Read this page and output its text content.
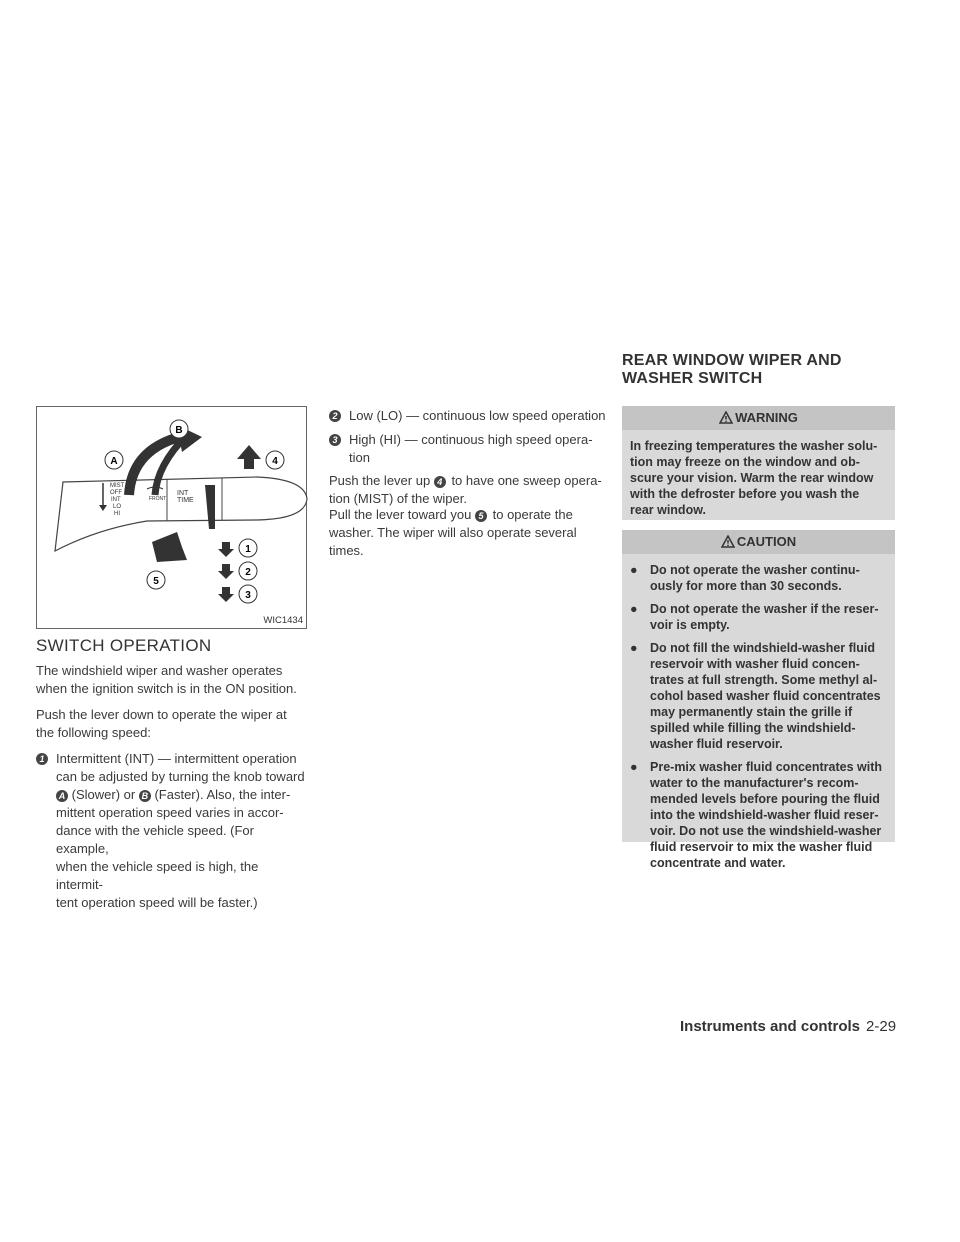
A
B
1
2
3
4
5
MIST
OFF
INT
LO
HI
FRONT
INT
TIME
WIC1434
SWITCH OPERATION

The windshield wiper and washer operates when the ignition switch is in the ON position.

Push the lever down to operate the wiper at the following speed:

1 Intermittent (INT) — intermittent operation
can be adjusted by turning the knob toward
A (Slower) or B (Faster). Also, the inter-
mittent operation speed varies in accor-
dance with the vehicle speed. (For example,
when the vehicle speed is high, the intermit-
tent operation speed will be faster.)
2 Low (LO) — continuous low speed operation
3 High (HI) — continuous high speed opera-
tion
Push the lever up 4 to have one sweep opera-
tion (MIST) of the wiper.
Pull the lever toward you 5 to operate the
washer. The wiper will also operate several times.
REAR WINDOW WIPER AND
WASHER SWITCH
WARNING
In freezing temperatures the washer solu-
tion may freeze on the window and ob-
scure your vision. Warm the rear window
with the defroster before you wash the
rear window.
CAUTION
● Do not operate the washer continu-
ously for more than 30 seconds.
● Do not operate the washer if the reser-
voir is empty.
● Do not fill the windshield-washer fluid
reservoir with washer fluid concen-
trates at full strength. Some methyl al-
cohol based washer fluid concentrates
may permanently stain the grille if
spilled while filling the windshield-
washer fluid reservoir.
● Pre-mix washer fluid concentrates with
water to the manufacturer's recom-
mended levels before pouring the fluid
into the windshield-washer fluid reser-
voir. Do not use the windshield-washer
fluid reservoir to mix the washer fluid
concentrate and water.
Instruments and controls 2-29
